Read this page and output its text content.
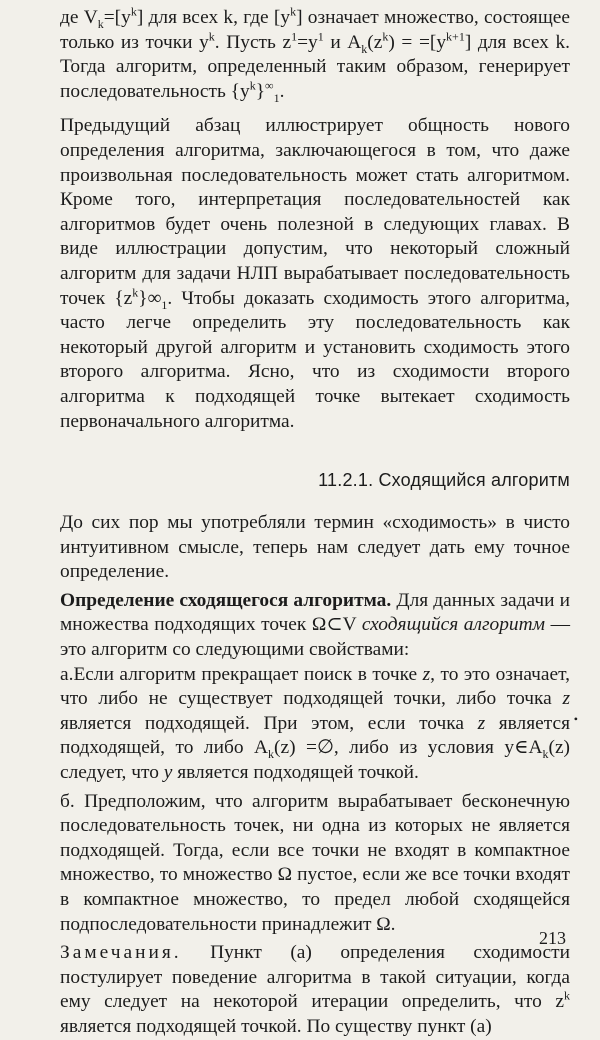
де $V_k=[y^k]$ для всех k, где $[y^k]$ означает множество, состоящее только из точки $y^k$. Пусть $z^1=y^1$ и $A_k(z^k) = =[y^{k+1}]$ для всех k. Тогда алгоритм, определенный таким образом, генерирует последовательность $\{y^k\}^\infty_1$.

Предыдущий абзац иллюстрирует общность нового определения алгоритма, заключающегося в том, что даже произвольная последовательность может стать алгоритмом. Кроме того, интерпретация последовательностей как алгоритмов будет очень полезной в следующих главах. В виде иллюстрации допустим, что некоторый сложный алгоритм для задачи НЛП вырабатывает последовательность точек $\{z^k\}\infty_1$. Чтобы доказать сходимость этого алгоритма, часто легче определить эту последовательность как некоторый другой алгоритм и установить сходимость этого второго алгоритма. Ясно, что из сходимости второго алгоритма к подходящей точке вытекает сходимость первоначального алгоритма.

11.2.1. Сходящийся алгоритм

До сих пор мы употребляли термин «сходимость» в чисто интуитивном смысле, теперь нам следует дать ему точное определение.

Определение сходящегося алгоритма. Для данных задачи и множества подходящих точек Ω⊂V сходящийся алгоритм — это алгоритм со следующими свойствами:

а.Если алгоритм прекращает поиск в точке z, то это означает, что либо не существует подходящей точки, либо точка z является подходящей. При этом, если точка z является подходящей, то либо $A_k(z)$ =∅, либо из условия $y\in A_k(z)$ следует, что y является подходящей точкой.

б. Предположим, что алгоритм вырабатывает бесконечную последовательность точек, ни одна из которых не является подходящей. Тогда, если все точки не входят в компактное множество, то множество Ω пустое, если же все точки входят в компактное множество, то предел любой сходящейся подпоследовательности принадлежит Ω.

Замечания. Пункт (а) определения сходимости постулирует поведение алгоритма в такой ситуации, когда ему следует на некоторой итерации определить, что $z^k$ является подходящей точкой. По существу пункт (а)

•
213
